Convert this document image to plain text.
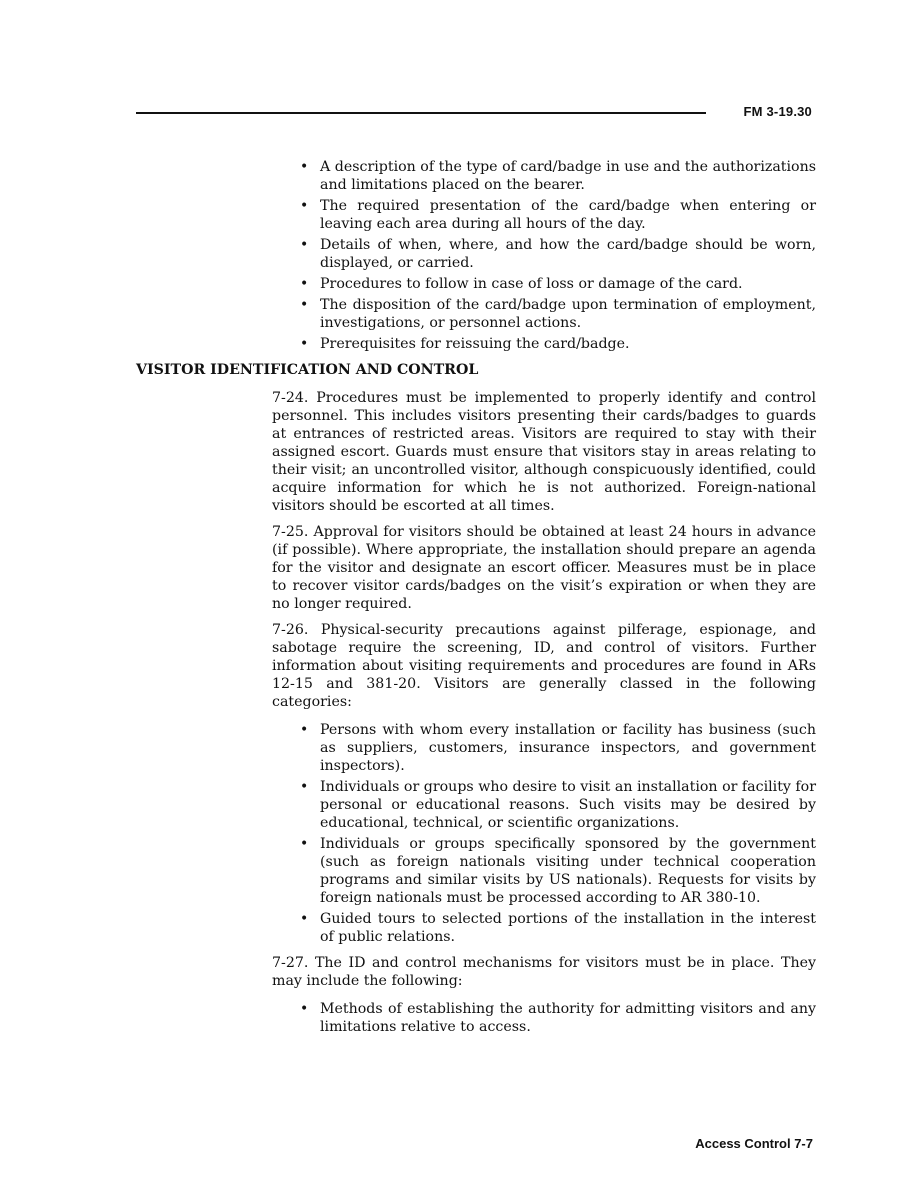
FM 3-19.30
• A description of the type of card/badge in use and the authorizations and limitations placed on the bearer.
• The required presentation of the card/badge when entering or leaving each area during all hours of the day.
• Details of when, where, and how the card/badge should be worn, displayed, or carried.
• Procedures to follow in case of loss or damage of the card.
• The disposition of the card/badge upon termination of employment, investigations, or personnel actions.
• Prerequisites for reissuing the card/badge.
VISITOR IDENTIFICATION AND CONTROL

7-24. Procedures must be implemented to properly identify and control personnel. This includes visitors presenting their cards/badges to guards at entrances of restricted areas. Visitors are required to stay with their assigned escort. Guards must ensure that visitors stay in areas relating to their visit; an uncontrolled visitor, although conspicuously identified, could acquire information for which he is not authorized. Foreign-national visitors should be escorted at all times.

7-25. Approval for visitors should be obtained at least 24 hours in advance (if possible). Where appropriate, the installation should prepare an agenda for the visitor and designate an escort officer. Measures must be in place to recover visitor cards/badges on the visit’s expiration or when they are no longer required.

7-26. Physical-security precautions against pilferage, espionage, and sabotage require the screening, ID, and control of visitors. Further information about visiting requirements and procedures are found in ARs 12-15 and 381-20. Visitors are generally classed in the following categories:

• Persons with whom every installation or facility has business (such as suppliers, customers, insurance inspectors, and government inspectors).
• Individuals or groups who desire to visit an installation or facility for personal or educational reasons. Such visits may be desired by educational, technical, or scientific organizations.
• Individuals or groups specifically sponsored by the government (such as foreign nationals visiting under technical cooperation programs and similar visits by US nationals). Requests for visits by foreign nationals must be processed according to AR 380-10.
• Guided tours to selected portions of the installation in the interest of public relations.

7-27. The ID and control mechanisms for visitors must be in place. They may include the following:

• Methods of establishing the authority for admitting visitors and any limitations relative to access.
Access Control 7-7
